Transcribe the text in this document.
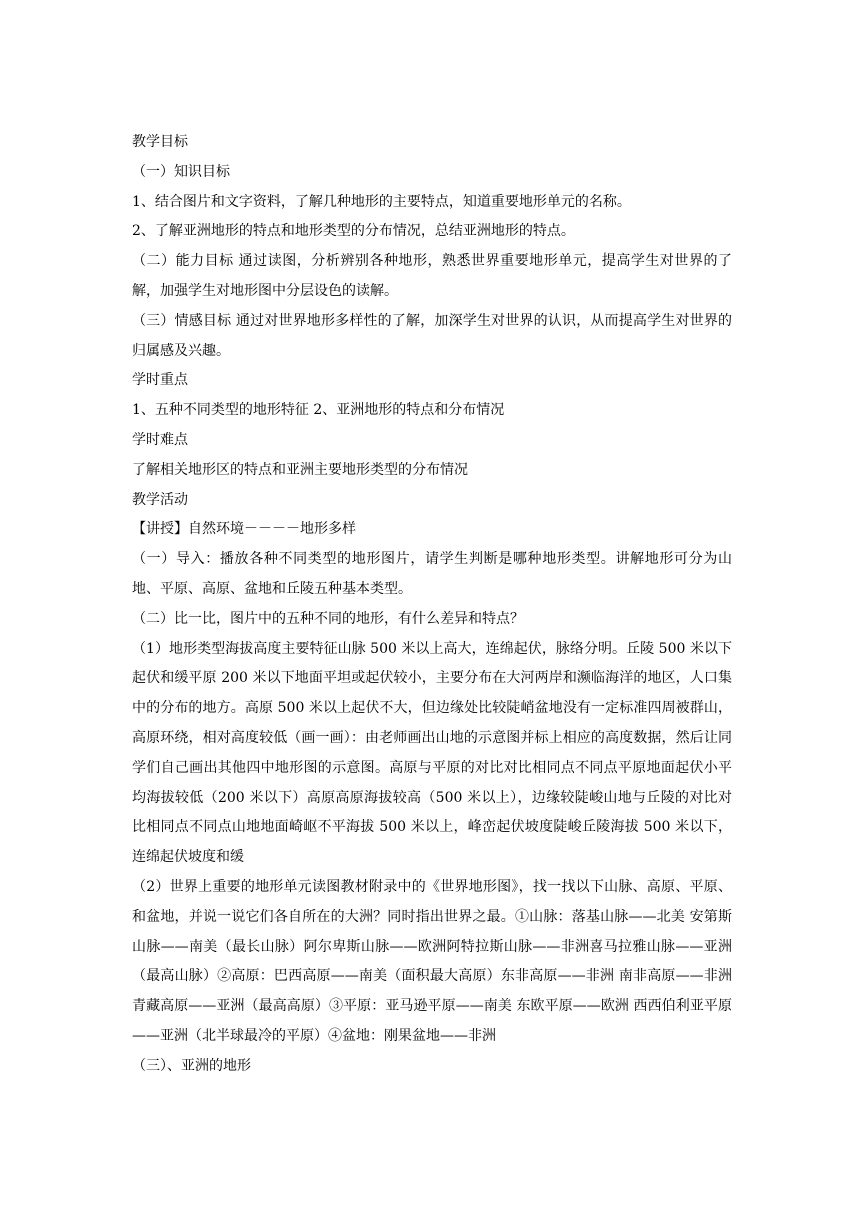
教学目标

（一）知识目标

1、结合图片和文字资料，了解几种地形的主要特点，知道重要地形单元的名称。

2、了解亚洲地形的特点和地形类型的分布情况，总结亚洲地形的特点。

（二）能力目标 通过读图，分析辨别各种地形，熟悉世界重要地形单元，提高学生对世界的了解，加强学生对地形图中分层设色的读解。

（三）情感目标 通过对世界地形多样性的了解，加深学生对世界的认识，从而提高学生对世界的归属感及兴趣。

学时重点

1、五种不同类型的地形特征 2、亚洲地形的特点和分布情况

学时难点

了解相关地形区的特点和亚洲主要地形类型的分布情况

教学活动

【讲授】自然环境－－－－地形多样

（一）导入：播放各种不同类型的地形图片，请学生判断是哪种地形类型。讲解地形可分为山地、平原、高原、盆地和丘陵五种基本类型。

（二）比一比，图片中的五种不同的地形，有什么差异和特点？

（1）地形类型海拔高度主要特征山脉 500 米以上高大，连绵起伏，脉络分明。丘陵 500 米以下起伏和缓平原 200 米以下地面平坦或起伏较小，主要分布在大河两岸和濒临海洋的地区，人口集中的分布的地方。高原 500 米以上起伏不大，但边缘处比较陡峭盆地没有一定标准四周被群山，高原环绕，相对高度较低（画一画）：由老师画出山地的示意图并标上相应的高度数据，然后让同学们自己画出其他四中地形图的示意图。高原与平原的对比对比相同点不同点平原地面起伏小平均海拔较低（200 米以下）高原高原海拔较高（500 米以上），边缘较陡峻山地与丘陵的对比对比相同点不同点山地地面崎岖不平海拔 500 米以上，峰峦起伏坡度陡峻丘陵海拔 500 米以下，连绵起伏坡度和缓

（2）世界上重要的地形单元读图教材附录中的《世界地形图》，找一找以下山脉、高原、平原、和盆地，并说一说它们各自所在的大洲？同时指出世界之最。①山脉：落基山脉——北美 安第斯山脉——南美（最长山脉）阿尔卑斯山脉——欧洲阿特拉斯山脉——非洲喜马拉雅山脉——亚洲（最高山脉）②高原：巴西高原——南美（面积最大高原）东非高原——非洲 南非高原——非洲 青藏高原——亚洲（最高高原）③平原：亚马逊平原——南美 东欧平原——欧洲 西西伯利亚平原——亚洲（北半球最冷的平原）④盆地：刚果盆地——非洲

（三）、亚洲的地形
